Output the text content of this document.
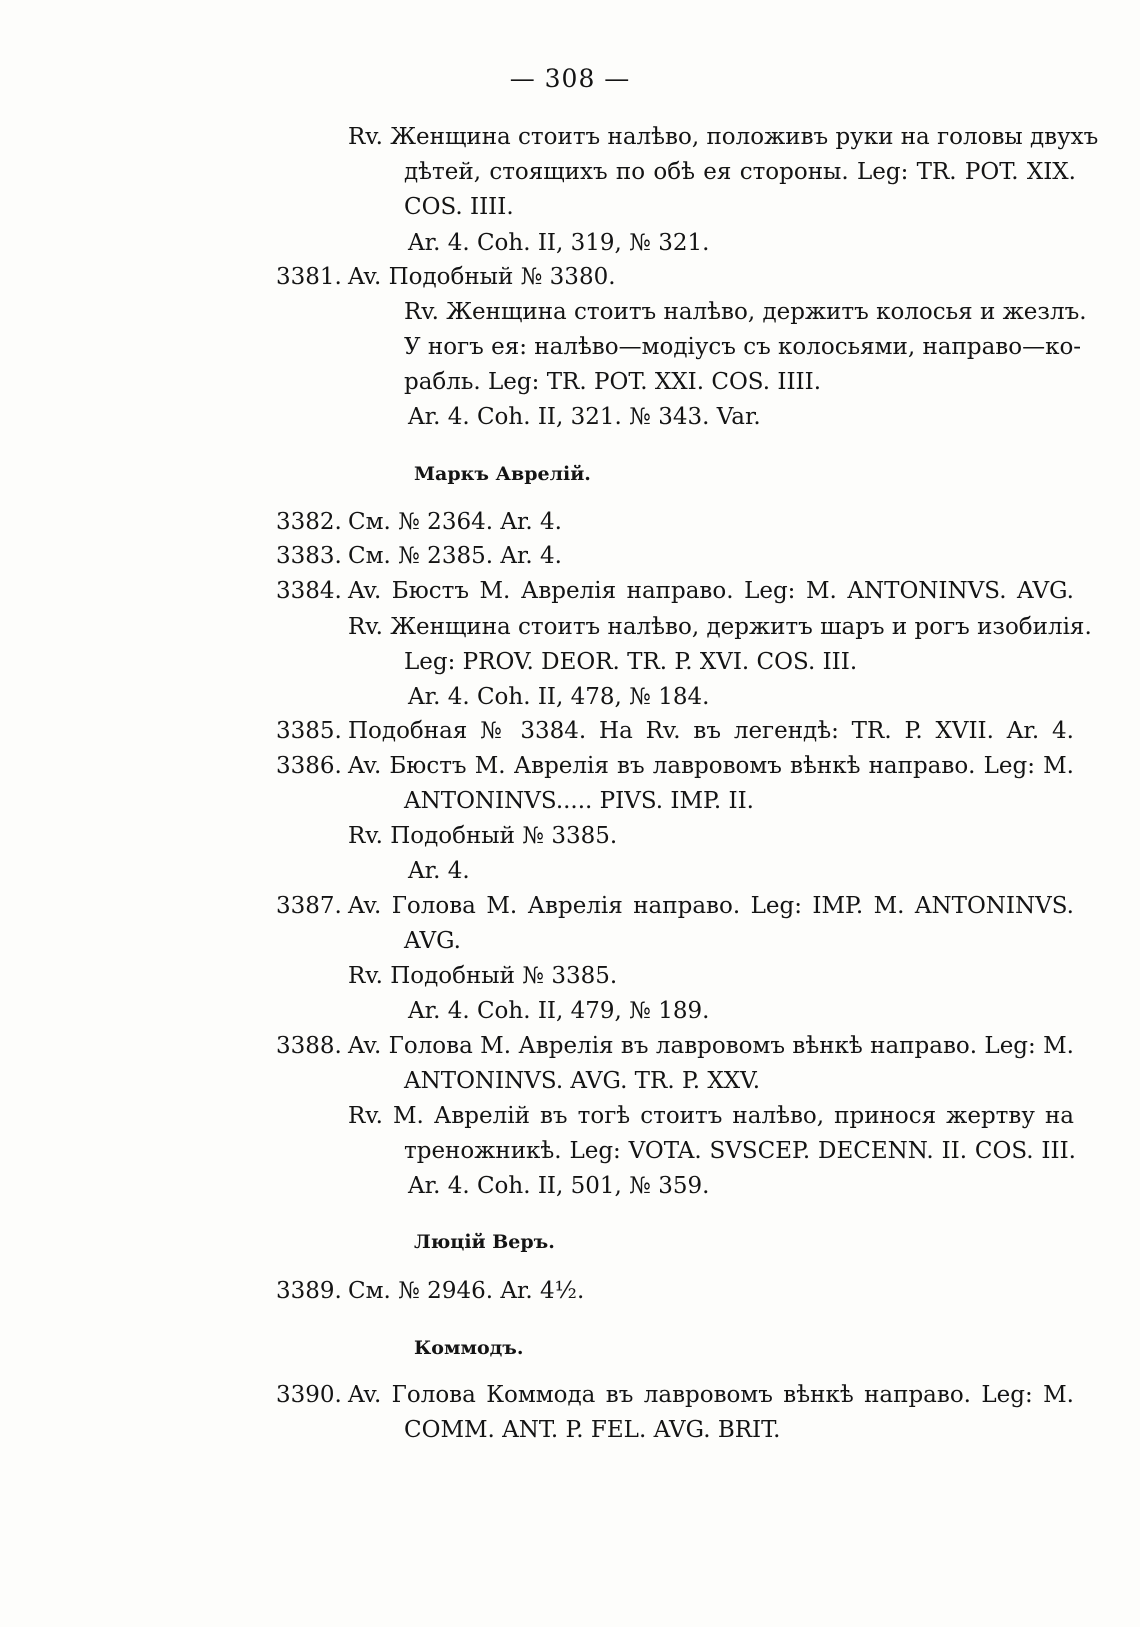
— 308 —
Rv. Женщина стоитъ налѣво, положивъ руки на головы двухъ
дѣтей, стоящихъ по обѣ ея стороны. Leg: TR. POT. XIX.
COS. IIII.
Ar. 4. Coh. II, 319, № 321.
3381. Av. Подобный № 3380.
Rv. Женщина стоитъ налѣво, держитъ колосья и жезлъ.
У ногъ ея: налѣво—модіусъ съ колосьями, направо—ко-
рабль. Leg: TR. POT. XXI. COS. IIII.
Ar. 4. Coh. II, 321. № 343. Var.
Маркъ Аврелій.
3382. См. № 2364. Ar. 4.
3383. См. № 2385. Ar. 4.
3384. Av. Бюстъ М. Аврелія направо. Leg: M. ANTONINVS. AVG.
Rv. Женщина стоитъ налѣво, держитъ шаръ и рогъ изобилія.
Leg: PROV. DEOR. TR. P. XVI. COS. III.
Ar. 4. Coh. II, 478, № 184.
3385. Подобная № 3384. На Rv. въ легендѣ: TR. P. XVII. Ar. 4.
3386. Av. Бюстъ М. Аврелія въ лавровомъ вѣнкѣ направо. Leg: M.
ANTONINVS..... PIVS. IMP. II.
Rv. Подобный № 3385.
Ar. 4.
3387. Av. Голова М. Аврелія направо. Leg: IMP. M. ANTONINVS.
AVG.
Rv. Подобный № 3385.
Ar. 4. Coh. II, 479, № 189.
3388. Av. Голова М. Аврелія въ лавровомъ вѣнкѣ направо. Leg: M.
ANTONINVS. AVG. TR. P. XXV.
Rv. М. Аврелій въ тогѣ стоитъ налѣво, принося жертву на
треножникѣ. Leg: VOTA. SVSCEP. DECENN. II. COS. III.
Ar. 4. Coh. II, 501, № 359.
Люцій Веръ.
3389. См. № 2946. Ar. 4½.
Коммодъ.
3390. Av. Голова Коммода въ лавровомъ вѣнкѣ направо. Leg: M.
COMM. ANT. P. FEL. AVG. BRIT.
